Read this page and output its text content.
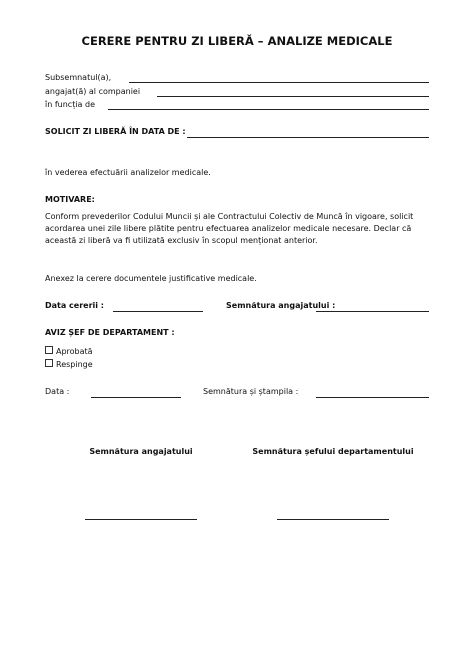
CERERE PENTRU ZI LIBERĂ – ANALIZE MEDICALE
Subsemnatul(a),
angajat(ă) al companiei
în funcția de
SOLICIT ZI LIBERĂ ÎN DATA DE :
în vederea efectuării analizelor medicale.
MOTIVARE:
Conform prevederilor Codului Muncii și ale Contractului Colectiv de Muncă în vigoare, solicit
acordarea unei zile libere plătite pentru efectuarea analizelor medicale necesare. Declar că
această zi liberă va fi utilizată exclusiv în scopul menționat anterior.
Anexez la cerere documentele justificative medicale.
Data cererii :	Semnătura angajatului :
AVIZ ȘEF DE DEPARTAMENT :
Aprobată
Respinge
Data :	Semnătura și ștampila :
Semnătura angajatului	Semnătura șefului departamentului
